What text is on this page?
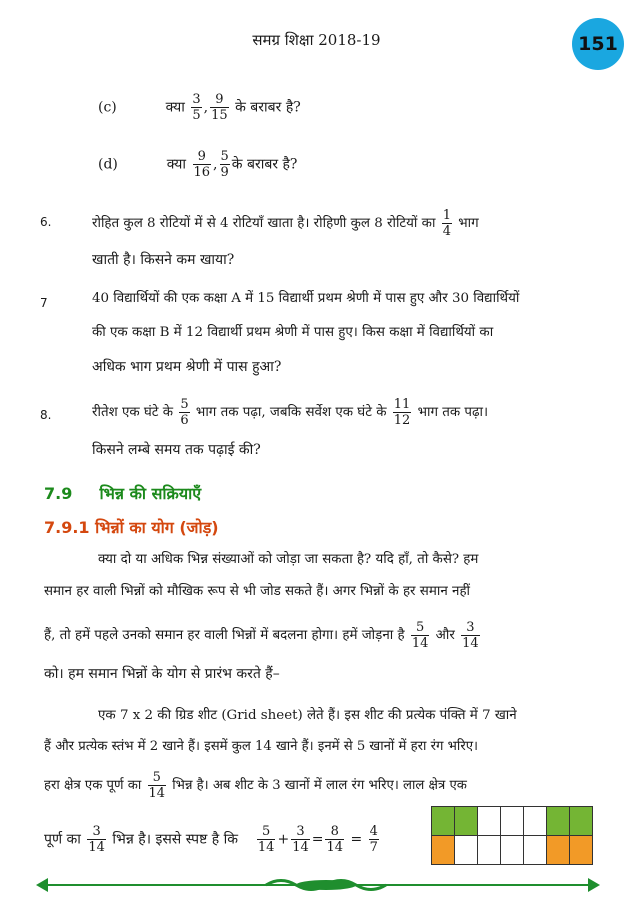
समग्र शिक्षा 2018-19	151
(c)	क्या $\frac{3}{5}$ , $\frac{9}{15}$ के बराबर है?
(d)	क्या $\frac{9}{16}$ , $\frac{5}{9}$ के बराबर है?
6.	रोहित कुल 8 रोटियों में से 4 रोटियाँ खाता है। रोहिणी कुल 8 रोटियों का $\frac{1}{4}$ भाग
खाती है। किसने कम खाया?
7	40 विद्यार्थियों की एक कक्षा A में 15 विद्यार्थी प्रथम श्रेणी में पास हुए और 30 विद्यार्थियों
की एक कक्षा B में 12 विद्यार्थी प्रथम श्रेणी में पास हुए। किस कक्षा में विद्यार्थियों का
अधिक भाग प्रथम श्रेणी में पास हुआ?
8.	रीतेश एक घंटे के $\frac{5}{6}$ भाग तक पढ़ा, जबकि सर्वेश एक घंटे के $\frac{11}{12}$ भाग तक पढ़ा।
किसने लम्बे समय तक पढ़ाई की?
7.9 भिन्न की सक्रियाएँ
7.9.1 भिन्नों का योग (जोड़)
क्या दो या अधिक भिन्न संख्याओं को जोड़ा जा सकता है? यदि हाँ, तो कैसे? हम
समान हर वाली भिन्नों को मौखिक रूप से भी जोड सकते हैं। अगर भिन्नों के हर समान नहीं
हैं, तो हमें पहले उनको समान हर वाली भिन्नों में बदलना होगा। हमें जोड़ना है $\frac{5}{14}$ और $\frac{3}{14}$
को। हम समान भिन्नों के योग से प्रारंभ करते हैं–
एक 7 x 2 की ग्रिड शीट (Grid sheet) लेते हैं। इस शीट की प्रत्येक पंक्ति में 7 खाने
हैं और प्रत्येक स्तंभ में 2 खाने हैं। इसमें कुल 14 खाने हैं। इनमें से 5 खानों में हरा रंग भरिए।
हरा क्षेत्र एक पूर्ण का $\frac{5}{14}$ भिन्न है। अब शीट के 3 खानों में लाल रंग भरिए। लाल क्षेत्र एक
पूर्ण का $\frac{3}{14}$ भिन्न है। इससे स्पष्ट है कि $\frac{5}{14} + \frac{3}{14} = \frac{8}{14} = \frac{4}{7}$
